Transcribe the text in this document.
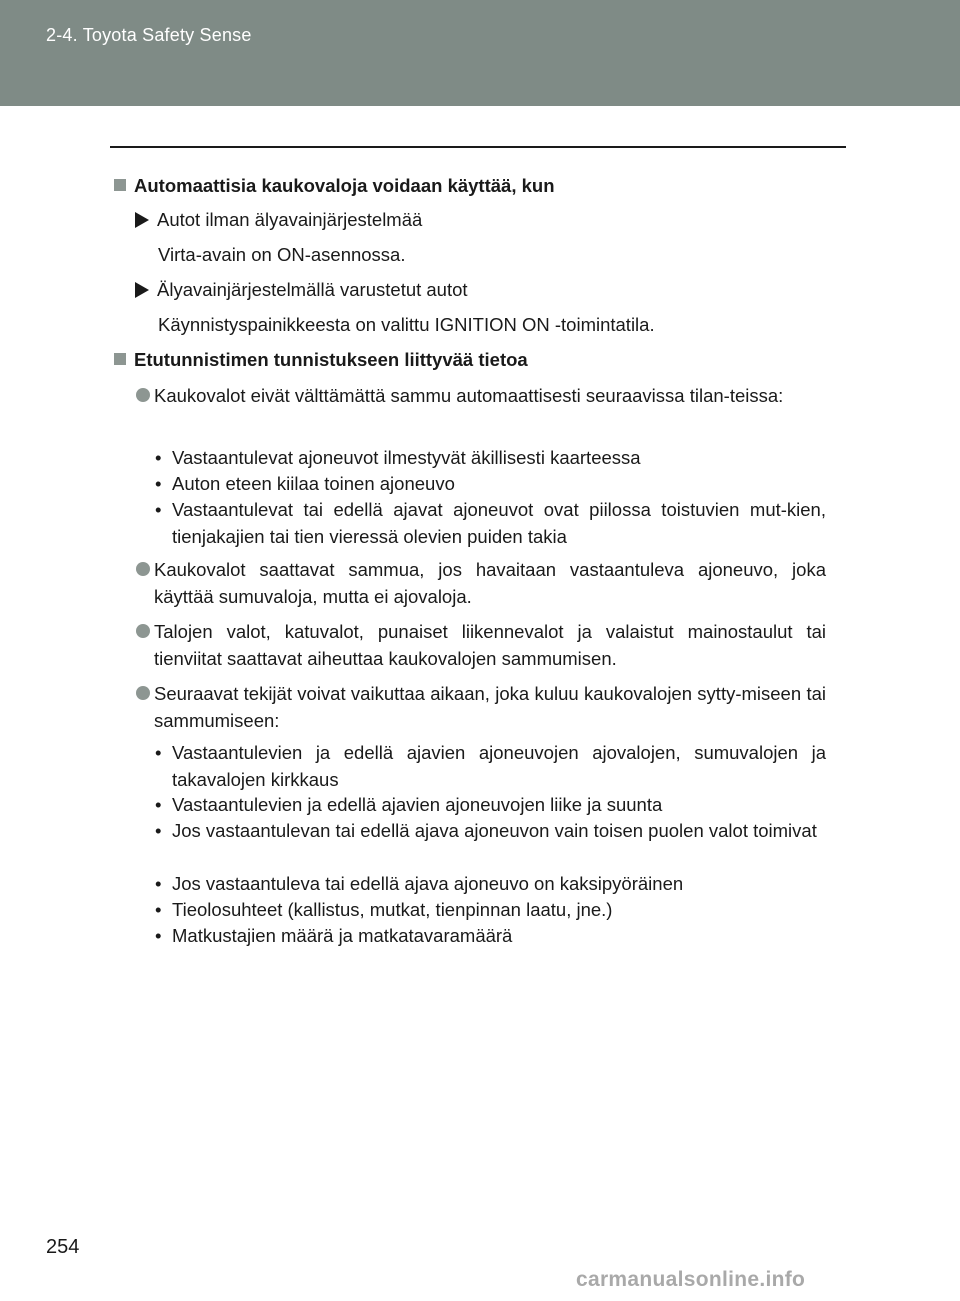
2-4. Toyota Safety Sense
Automaattisia kaukovaloja voidaan käyttää, kun
Autot ilman älyavainjärjestelmää
Virta-avain on ON-asennossa.
Älyavainjärjestelmällä varustetut autot
Käynnistyspainikkeesta on valittu IGNITION ON -toimintatila.
Etutunnistimen tunnistukseen liittyvää tietoa
Kaukovalot eivät välttämättä sammu automaattisesti seuraavissa tilan-teissa:
• Vastaantulevat ajoneuvot ilmestyvät äkillisesti kaarteessa
• Auton eteen kiilaa toinen ajoneuvo
• Vastaantulevat tai edellä ajavat ajoneuvot ovat piilossa toistuvien mut-kien, tienjakajien tai tien vieressä olevien puiden takia
Kaukovalot saattavat sammua, jos havaitaan vastaantuleva ajoneuvo, joka käyttää sumuvaloja, mutta ei ajovaloja.
Talojen valot, katuvalot, punaiset liikennevalot ja valaistut mainostaulut tai tienviitat saattavat aiheuttaa kaukovalojen sammumisen.
Seuraavat tekijät voivat vaikuttaa aikaan, joka kuluu kaukovalojen sytty-miseen tai sammumiseen:
• Vastaantulevien ja edellä ajavien ajoneuvojen ajovalojen, sumuvalojen ja takavalojen kirkkaus
• Vastaantulevien ja edellä ajavien ajoneuvojen liike ja suunta
• Jos vastaantulevan tai edellä ajava ajoneuvon vain toisen puolen valot toimivat
• Jos vastaantuleva tai edellä ajava ajoneuvo on kaksipyöräinen
• Tieolosuhteet (kallistus, mutkat, tienpinnan laatu, jne.)
• Matkustajien määrä ja matkatavaramäärä
254
carmanualsonline.info
